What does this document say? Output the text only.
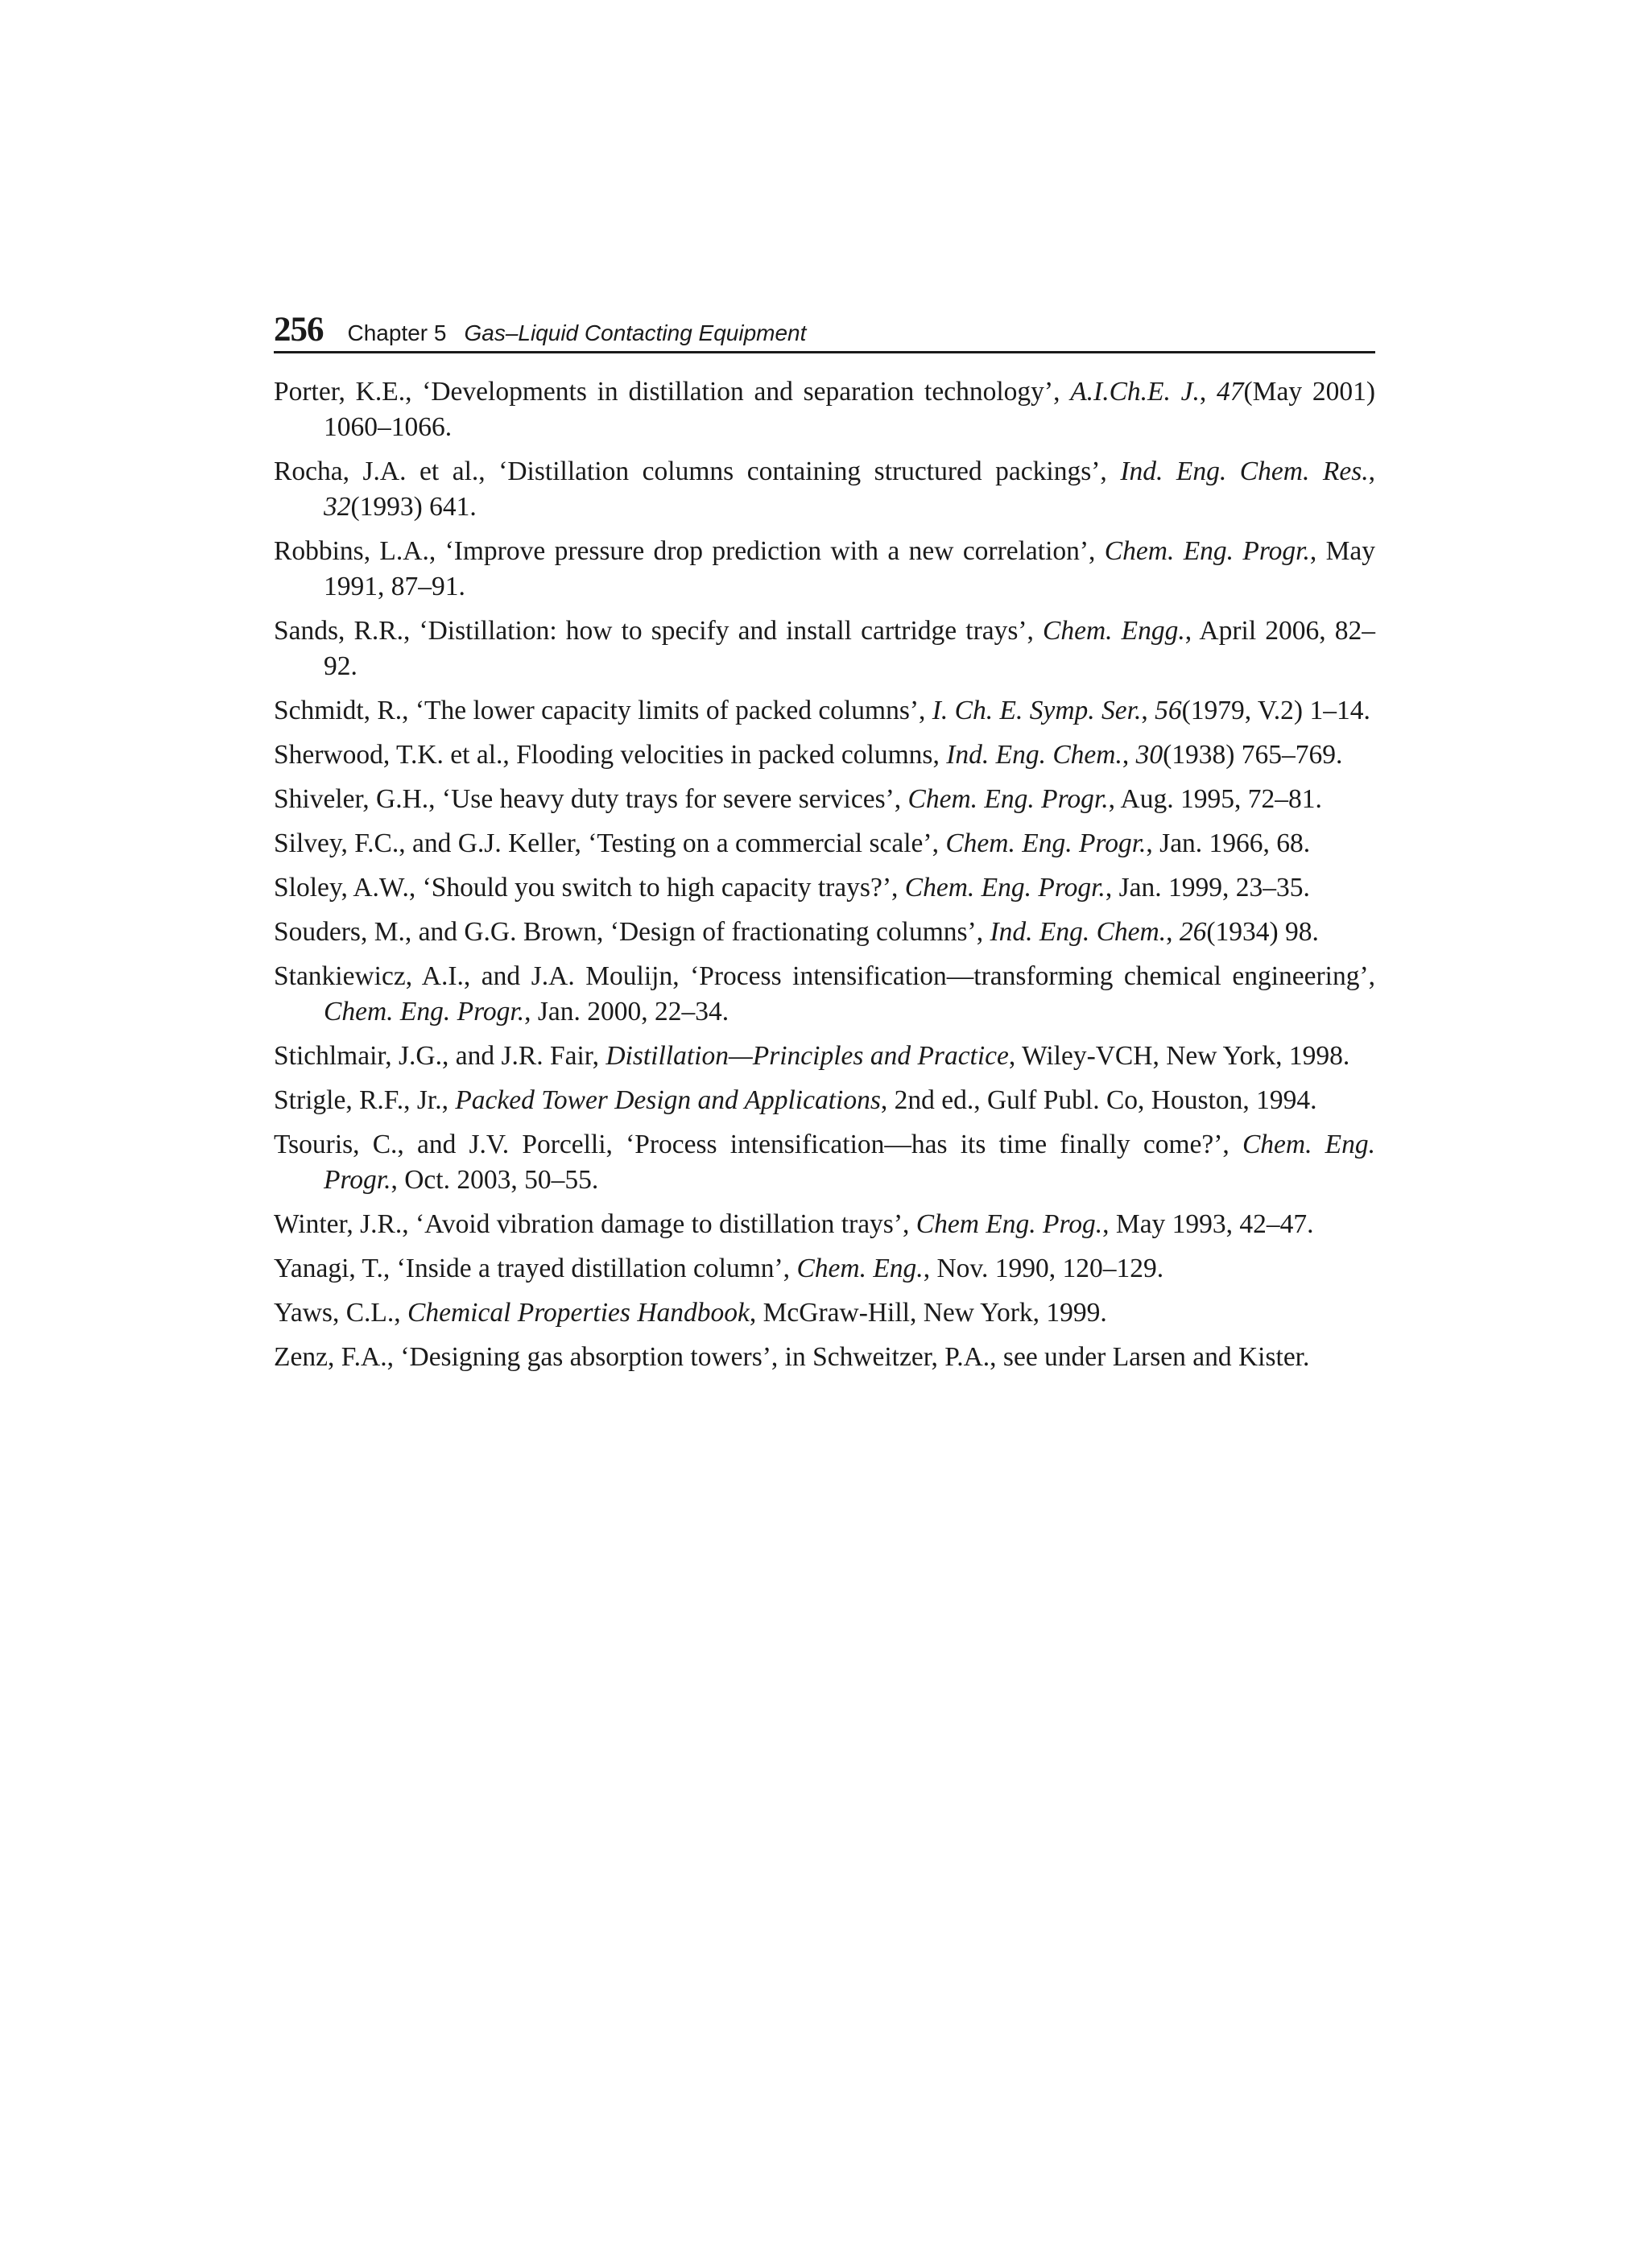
256 Chapter 5 Gas–Liquid Contacting Equipment
Porter, K.E., ‘Developments in distillation and separation technology’, A.I.Ch.E. J., 47(May 2001) 1060–1066.
Rocha, J.A. et al., ‘Distillation columns containing structured packings’, Ind. Eng. Chem. Res., 32(1993) 641.
Robbins, L.A., ‘Improve pressure drop prediction with a new correlation’, Chem. Eng. Progr., May 1991, 87–91.
Sands, R.R., ‘Distillation: how to specify and install cartridge trays’, Chem. Engg., April 2006, 82–92.
Schmidt, R., ‘The lower capacity limits of packed columns’, I. Ch. E. Symp. Ser., 56(1979, V.2) 1–14.
Sherwood, T.K. et al., Flooding velocities in packed columns, Ind. Eng. Chem., 30(1938) 765–769.
Shiveler, G.H., ‘Use heavy duty trays for severe services’, Chem. Eng. Progr., Aug. 1995, 72–81.
Silvey, F.C., and G.J. Keller, ‘Testing on a commercial scale’, Chem. Eng. Progr., Jan. 1966, 68.
Sloley, A.W., ‘Should you switch to high capacity trays?’, Chem. Eng. Progr., Jan. 1999, 23–35.
Souders, M., and G.G. Brown, ‘Design of fractionating columns’, Ind. Eng. Chem., 26(1934) 98.
Stankiewicz, A.I., and J.A. Moulijn, ‘Process intensification—transforming chemical engineering’, Chem. Eng. Progr., Jan. 2000, 22–34.
Stichlmair, J.G., and J.R. Fair, Distillation—Principles and Practice, Wiley-VCH, New York, 1998.
Strigle, R.F., Jr., Packed Tower Design and Applications, 2nd ed., Gulf Publ. Co, Houston, 1994.
Tsouris, C., and J.V. Porcelli, ‘Process intensification—has its time finally come?’, Chem. Eng. Progr., Oct. 2003, 50–55.
Winter, J.R., ‘Avoid vibration damage to distillation trays’, Chem Eng. Prog., May 1993, 42–47.
Yanagi, T., ‘Inside a trayed distillation column’, Chem. Eng., Nov. 1990, 120–129.
Yaws, C.L., Chemical Properties Handbook, McGraw-Hill, New York, 1999.
Zenz, F.A., ‘Designing gas absorption towers’, in Schweitzer, P.A., see under Larsen and Kister.
